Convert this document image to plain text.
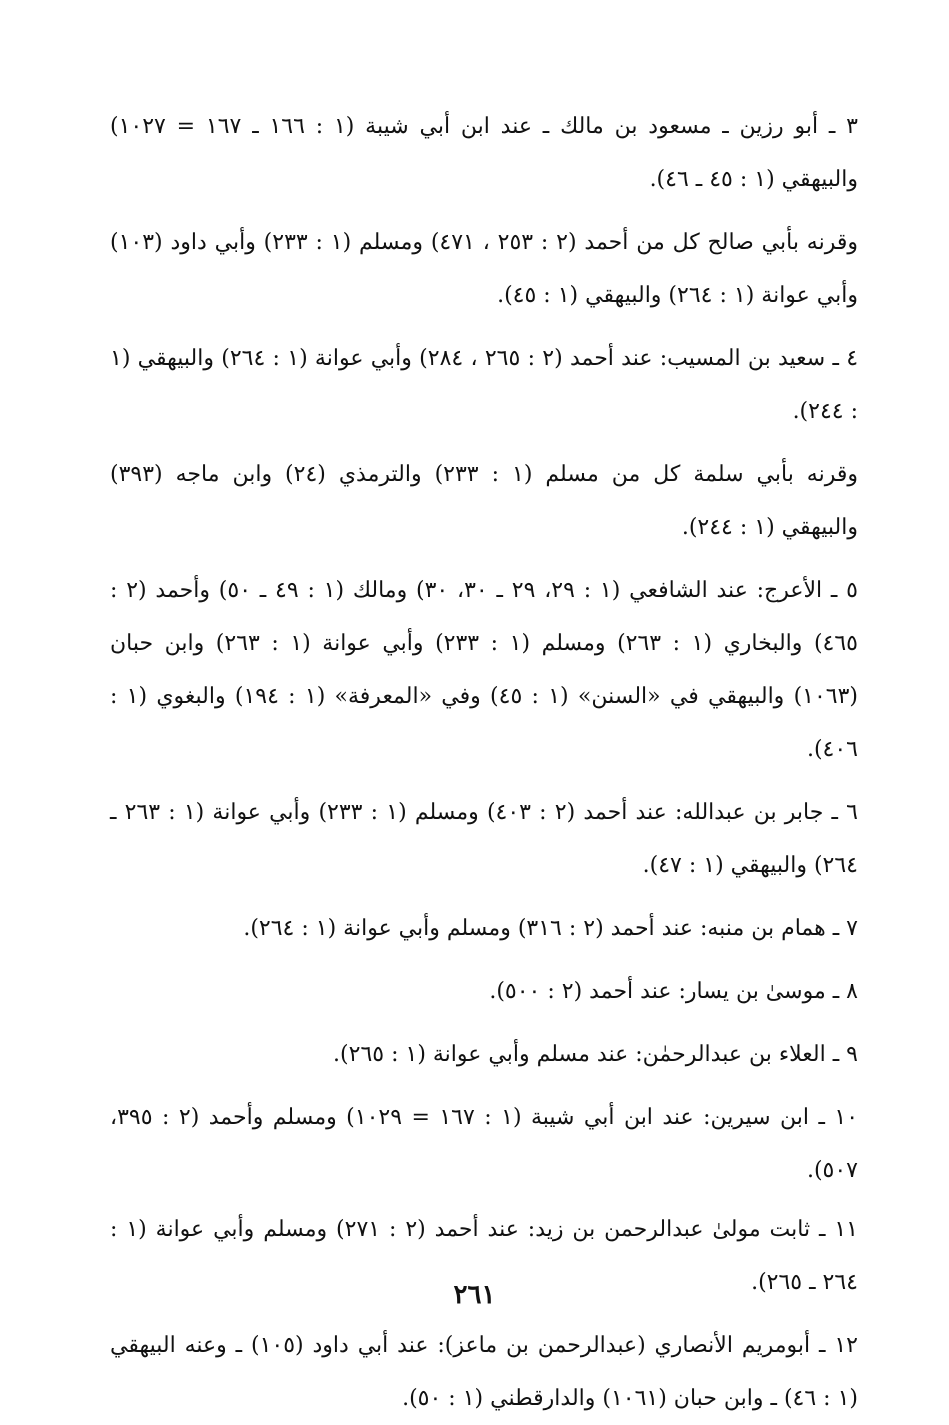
٣ ـ أبو رزين ـ مسعود بن مالك ـ عند ابن أبي شيبة (١ : ١٦٦ ـ ١٦٧ = ١٠٢٧) والبيهقي (١ : ٤٥ ـ ٤٦).

وقرنه بأبي صالح كل من أحمد (٢ : ٢٥٣ ، ٤٧١) ومسلم (١ : ٢٣٣) وأبي داود (١٠٣) وأبي عوانة (١ : ٢٦٤) والبيهقي (١ : ٤٥).

٤ ـ سعيد بن المسيب: عند أحمد (٢ : ٢٦٥ ، ٢٨٤) وأبي عوانة (١ : ٢٦٤) والبيهقي (١ : ٢٤٤).

وقرنه بأبي سلمة كل من مسلم (١ : ٢٣٣) والترمذي (٢٤) وابن ماجه (٣٩٣) والبيهقي (١ : ٢٤٤).

٥ ـ الأعرج: عند الشافعي (١ : ٢٩، ٢٩ ـ ٣٠، ٣٠) ومالك (١ : ٤٩ ـ ٥٠) وأحمد (٢ : ٤٦٥) والبخاري (١ : ٢٦٣) ومسلم (١ : ٢٣٣) وأبي عوانة (١ : ٢٦٣) وابن حبان (١٠٦٣) والبيهقي في «السنن» (١ : ٤٥) وفي «المعرفة» (١ : ١٩٤) والبغوي (١ : ٤٠٦).

٦ ـ جابر بن عبدالله: عند أحمد (٢ : ٤٠٣) ومسلم (١ : ٢٣٣) وأبي عوانة (١ : ٢٦٣ ـ ٢٦٤) والبيهقي (١ : ٤٧).

٧ ـ همام بن منبه: عند أحمد (٢ : ٣١٦) ومسلم وأبي عوانة (١ : ٢٦٤).

٨ ـ موسىٰ بن يسار: عند أحمد (٢ : ٥٠٠).

٩ ـ العلاء بن عبدالرحمٰن: عند مسلم وأبي عوانة (١ : ٢٦٥).

١٠ ـ ابن سيرين: عند ابن أبي شيبة (١ : ١٦٧ = ١٠٢٩) ومسلم وأحمد (٢ : ٣٩٥، ٥٠٧).

١١ ـ ثابت مولىٰ عبدالرحمن بن زيد: عند أحمد (٢ : ٢٧١) ومسلم وأبي عوانة (١ : ٢٦٤ ـ ٢٦٥).

١٢ ـ أبومريم الأنصاري (عبدالرحمن بن ماعز): عند أبي داود (١٠٥) ـ وعنه البيهقي (١ : ٤٦) ـ وابن حبان (١٠٦١) والدارقطني (١ : ٥٠).

٢٦١
